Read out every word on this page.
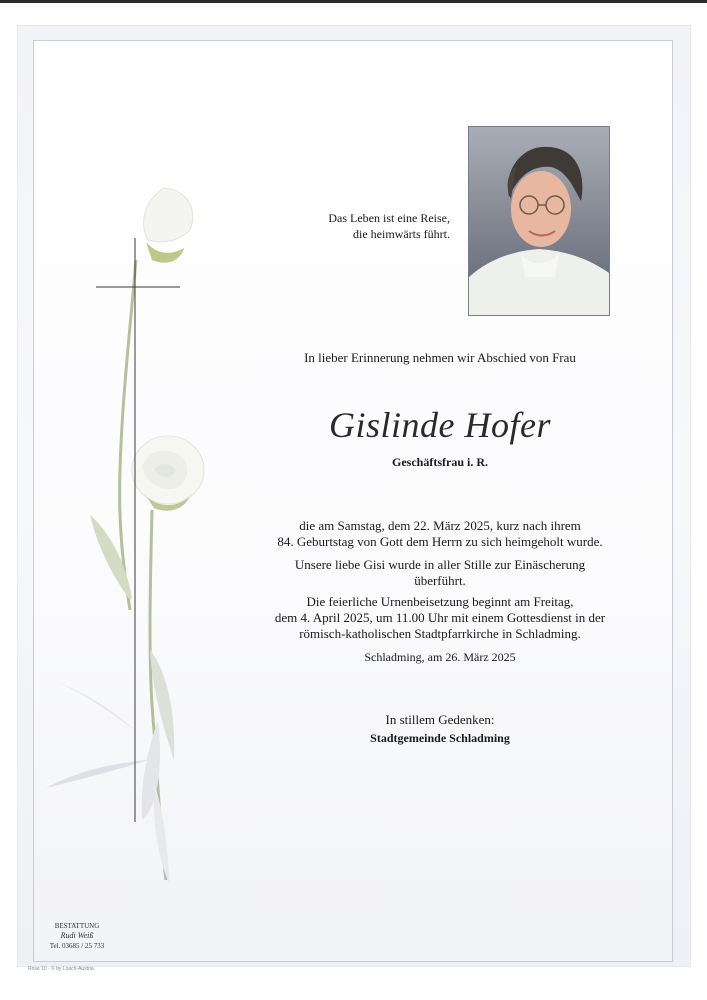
Das Leben ist eine Reise,
die heimwärts führt.
In lieber Erinnerung nehmen wir Abschied von Frau
Gislinde Hofer
Geschäftsfrau i. R.
die am Samstag, dem 22. März 2025, kurz nach ihrem
84. Geburtstag von Gott dem Herrn zu sich heimgeholt wurde.
Unsere liebe Gisi wurde in aller Stille zur Einäscherung
überführt.
Die feierliche Urnenbeisetzung beginnt am Freitag,
dem 4. April 2025, um 11.00 Uhr mit einem Gottesdienst in der
römisch-katholischen Stadtpfarrkirche in Schladming.
Schladming, am 26. März 2025
In stillem Gedenken:
Stadtgemeinde Schladming
BESTATTUNG
Rudi Weiß
Tel. 03685 / 25 733
Rose 10 · © by Loach-Austria
